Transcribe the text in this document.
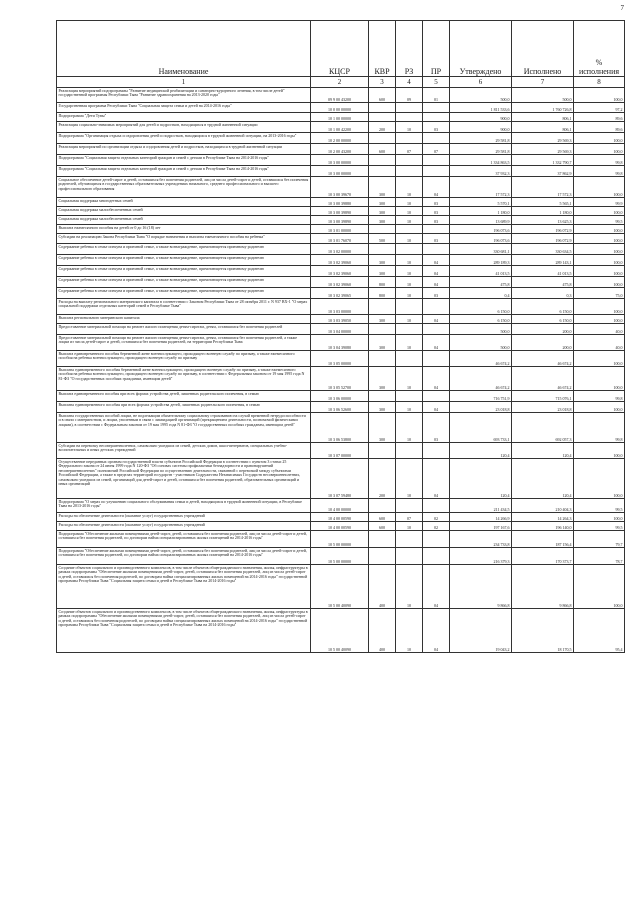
7
Наименование	КЦСР	КВР	РЗ	ПР	Утверждено	Исполнено	% исполнения
1	2	3	4	5	6	7	8
Реализация мероприятий подпрограммы "Развитие медицинской реабилитации и санаторно-курортного лечения, в том числе детей" государственной программы Республики Тыва "Развитие здравоохранения на 2013-2020 годы"	09 9 00 43200	600	09	01	500,0	500,0	100,0
Государственная программа Республики Тыва "Социальная защита семьи и детей на 2014-2016 годы"	10 0 00 00000				1 811 533,6	1 760 726,8	97,2
Подпрограмма "Дети Тувы"	10 1 00 00000				900,0	806,1	89,6
Реализация социально-значимых мероприятий для детей и подростков, находящихся в трудной жизненной ситуации	10 1 00 42200	200	10	03	900,0	806,1	89,6
Подпрограмма "Организация отдыха и оздоровления детей и подростков, находящихся в трудной жизненной ситуации, на 2013-2016 годы"	10 2 00 00000				29 581,8	29 569,3	100,0
Реализация мероприятий по организации отдыха и оздоровления детей и подростков, находящихся в трудной жизненной ситуации	10 2 00 43200	600	07	07	29 581,8	29 569,3	100,0
Подпрограмма "Социальная защита отдельных категорий граждан и семей с детьми в Республике Тыва на 2014-2016 годы"	10 3 00 00000				1 334 863,5	1 332 790,7	99,8
Подпрограмма "Социальная защита отдельных категорий граждан и семей с детьми в Республике Тыва на 2014-2016 годы"	10 3 00 00000				37 932,3	37 862,9	99,8
Социальное обеспечение детей-сирот и детей, оставшихся без попечения родителей, лиц из числа детей-сирот и детей, оставшихся без попечения родителей, обучающихся в государственных образовательных учреждениях начального, среднего профессионального и высшего профессионального образования	10 3 00 39670	300	10	04	17 572,3	17 572,3	100,0
Социальная поддержка многодетных семей	10 3 00 39880	300	10	03	5 570,1	5 565,1	99,9
Социальная поддержка малообеспеченных семей	10 3 00 39890	300	10	03	1 180,0	1 180,0	100,0
Социальная поддержка малообеспеченных семей	10 3 00 39890	300	10	03	13 689,9	13 625,3	99,5
Выплата ежемесячного пособия на детей от 0 до 16 (18) лет	10 3 01 00000				196 073,6	196 072,9	100,0
Субсидии на реализацию Закона Республики Тыва "О порядке назначения и выплаты ежемесячного пособия на ребенка"	10 3 01 76070	500	10	03	196 073,6	196 072,9	100,0
Содержание ребенка в семье опекуна и приемной семье, а также вознаграждение, причитающееся приемному родителю	10 3 02 00000				330 681,1	330 634,5	100,0
Содержание ребенка в семье опекуна и приемной семье, а также вознаграждение, причитающееся приемному родителю	10 3 02 39060	300	10	04	289 189,3	289 143,1	100,0
Содержание ребенка в семье опекуна и приемной семье, а также вознаграждение, причитающееся приемному родителю	10 3 02 39060	300	10	04	41 013,5	41 013,5	100,0
Содержание ребенка в семье опекуна и приемной семье, а также вознаграждение, причитающееся приемному родителю	10 3 02 39060	800	10	04	475,8	475,8	100,0
Содержание ребенка в семье опекуна и приемной семье, а также вознаграждение, причитающееся приемному родителю	10 3 02 39065	800	10	03	0,4	0,3	75,0
Расходы на выплату регионального материнского капитала в соответствии с Законом Республики Тыва от 28 октября 2011 г. N 937 ВХ-1 "О мерах социальной поддержки отдельных категорий семей в Республике Тыва"	10 3 03 00000				6 150,0	6 150,0	100,0
Выплата регионального материнского капитала	10 3 03 39050	300	10	04	6 150,0	6 150,0	100,0
Предоставление материальной помощи на ремонт жилого помещения детям-сиротам, детям, оставшимся без попечения родителей	10 3 04 00000				500,0	200,0	40,0
Предоставление материальной помощи на ремонт жилого помещения детям-сиротам, детям, оставшимся без попечения родителей, а также лицам из числа детей-сирот и детей, оставшихся без попечения родителей, на территории Республики Тыва	10 3 04 39080	300	10	04	500,0	200,0	40,0
Выплата единовременного пособия беременной жене военнослужащего, проходящего военную службу по призыву, а также ежемесячного пособия на ребенка военнослужащего, проходящего военную службу по призыву	10 3 05 00000				46 674,2	46 674,2	100,0
Выплаты единовременного пособия беременной жене военнослужащего, проходящего военную службу по призыву, а также ежемесячного пособия на ребенка военнослужащего, проходящего военную службу по призыву, в соответствии с Федеральным законом от 19 мая 1995 года N 81-ФЗ "О государственных пособиях гражданам, имеющим детей"	10 3 05 52700	300	10	04	46 674,2	46 674,2	100,0
Выплата единовременного пособия при всех формах устройства детей, лишенных родительского попечения, в семью	10 3 06 00000				716 751,9	715 076,1	99,8
Выплаты единовременного пособия при всех формах устройства детей, лишенных родительского попечения, в семью	10 3 06 52600	300	10	04	23 018,8	23 018,8	100,0
Выплаты государственных пособий лицам, не подлежащим обязательному социальному страхованию на случай временной нетрудоспособности и в связи с материнством, и лицам, уволенным в связи с ликвидацией организаций (прекращением деятельности, полномочий физическими лицами), в соответствии с Федеральным законом от 19 мая 1995 года N 81-ФЗ "О государственных пособиях гражданам, имеющим детей"	10 3 06 53800	300	10	03	693 733,1	692 057,3	99,8
Субсидии на перевозку несовершеннолетних, самовольно ушедших из семей, детских домов, школ-интернатов, специальных учебно-воспитательных и иных детских учреждений	10 3 07 00000				120,4	120,4	100,0
Осуществление переданных органам государственной власти субъектов Российской Федерации в соответствии с пунктом 3 статьи 25 Федерального закона от 24 июня 1999 года N 120-ФЗ "Об основах системы профилактики безнадзорности и правонарушений несовершеннолетних" полномочий Российской Федерации по осуществлению деятельности, связанной с перевозкой между субъектами Российской Федерации, а также в пределах территорий государств - участников Содружества Независимых Государств несовершеннолетних, самовольно ушедших из семей, организаций для детей-сирот и детей, оставшихся без попечения родителей, образовательных организаций и иных организаций	10 3 07 59480	200	10	04	120,4	120,4	100,0
Подпрограмма "О мерах по улучшению социального обслуживания семьи и детей, находящихся в трудной жизненной ситуации, в Республике Тыва на 2013-2016 годы"	10 4 00 00000				211 434,5	210 404,3	99,5
Расходы на обеспечение деятельности (оказание услуг) государственных учреждений	10 4 00 00590	600	07	02	14 266,9	14 264,3	100,0
Расходы на обеспечение деятельности (оказание услуг) государственных учреждений	10 4 00 00590	600	10	02	197 167,6	196 140,0	99,5
Подпрограмма "Обеспечение жилыми помещениями детей-сирот, детей, оставшихся без попечения родителей, лиц из числа детей-сирот и детей, оставшихся без попечения родителей, по договорам найма специализированных жилых помещений на 2014-2016 годы"	10 5 00 00000				234 733,8	187 156,4	79,7
Подпрограмма "Обеспечение жилыми помещениями детей-сирот, детей, оставшихся без попечения родителей, лиц из числа детей-сирот и детей, оставшихся без попечения родителей, по договорам найма специализированных жилых помещений на 2014-2016 годы"	10 5 00 00000				216 379,3	170 373,7	78,7
Создание объектов социального и производственного комплексов, в том числе объектов общегражданского назначения, жилья, инфраструктуры в рамках подпрограммы "Обеспечение жилыми помещениями детей-сирот, детей, оставшихся без попечения родителей, лиц из числа детей-сирот и детей, оставшихся без попечения родителей, по договорам найма специализированных жилых помещений на 2014-2016 годы" государственной программы Республики Тыва "Социальная защита семьи и детей в Республике Тыва на 2014-2016 годы"	10 5 00 40090	400	10	04	9 866,8	9 866,8	100,0
Создание объектов социального и производственного комплексов, в том числе объектов общегражданского назначения, жилья, инфраструктуры в рамках подпрограммы "Обеспечение жилыми помещениями детей-сирот, детей, оставшихся без попечения родителей, лиц из числа детей-сирот и детей, оставшихся без попечения родителей, по договорам найма специализированных жилых помещений на 2014-2016 годы" государственной программы Республики Тыва "Социальная защита семьи и детей в Республике Тыва на 2014-2016 годы"	10 5 00 40090	400	10	04	19 043,2	18 170,5	95,4
